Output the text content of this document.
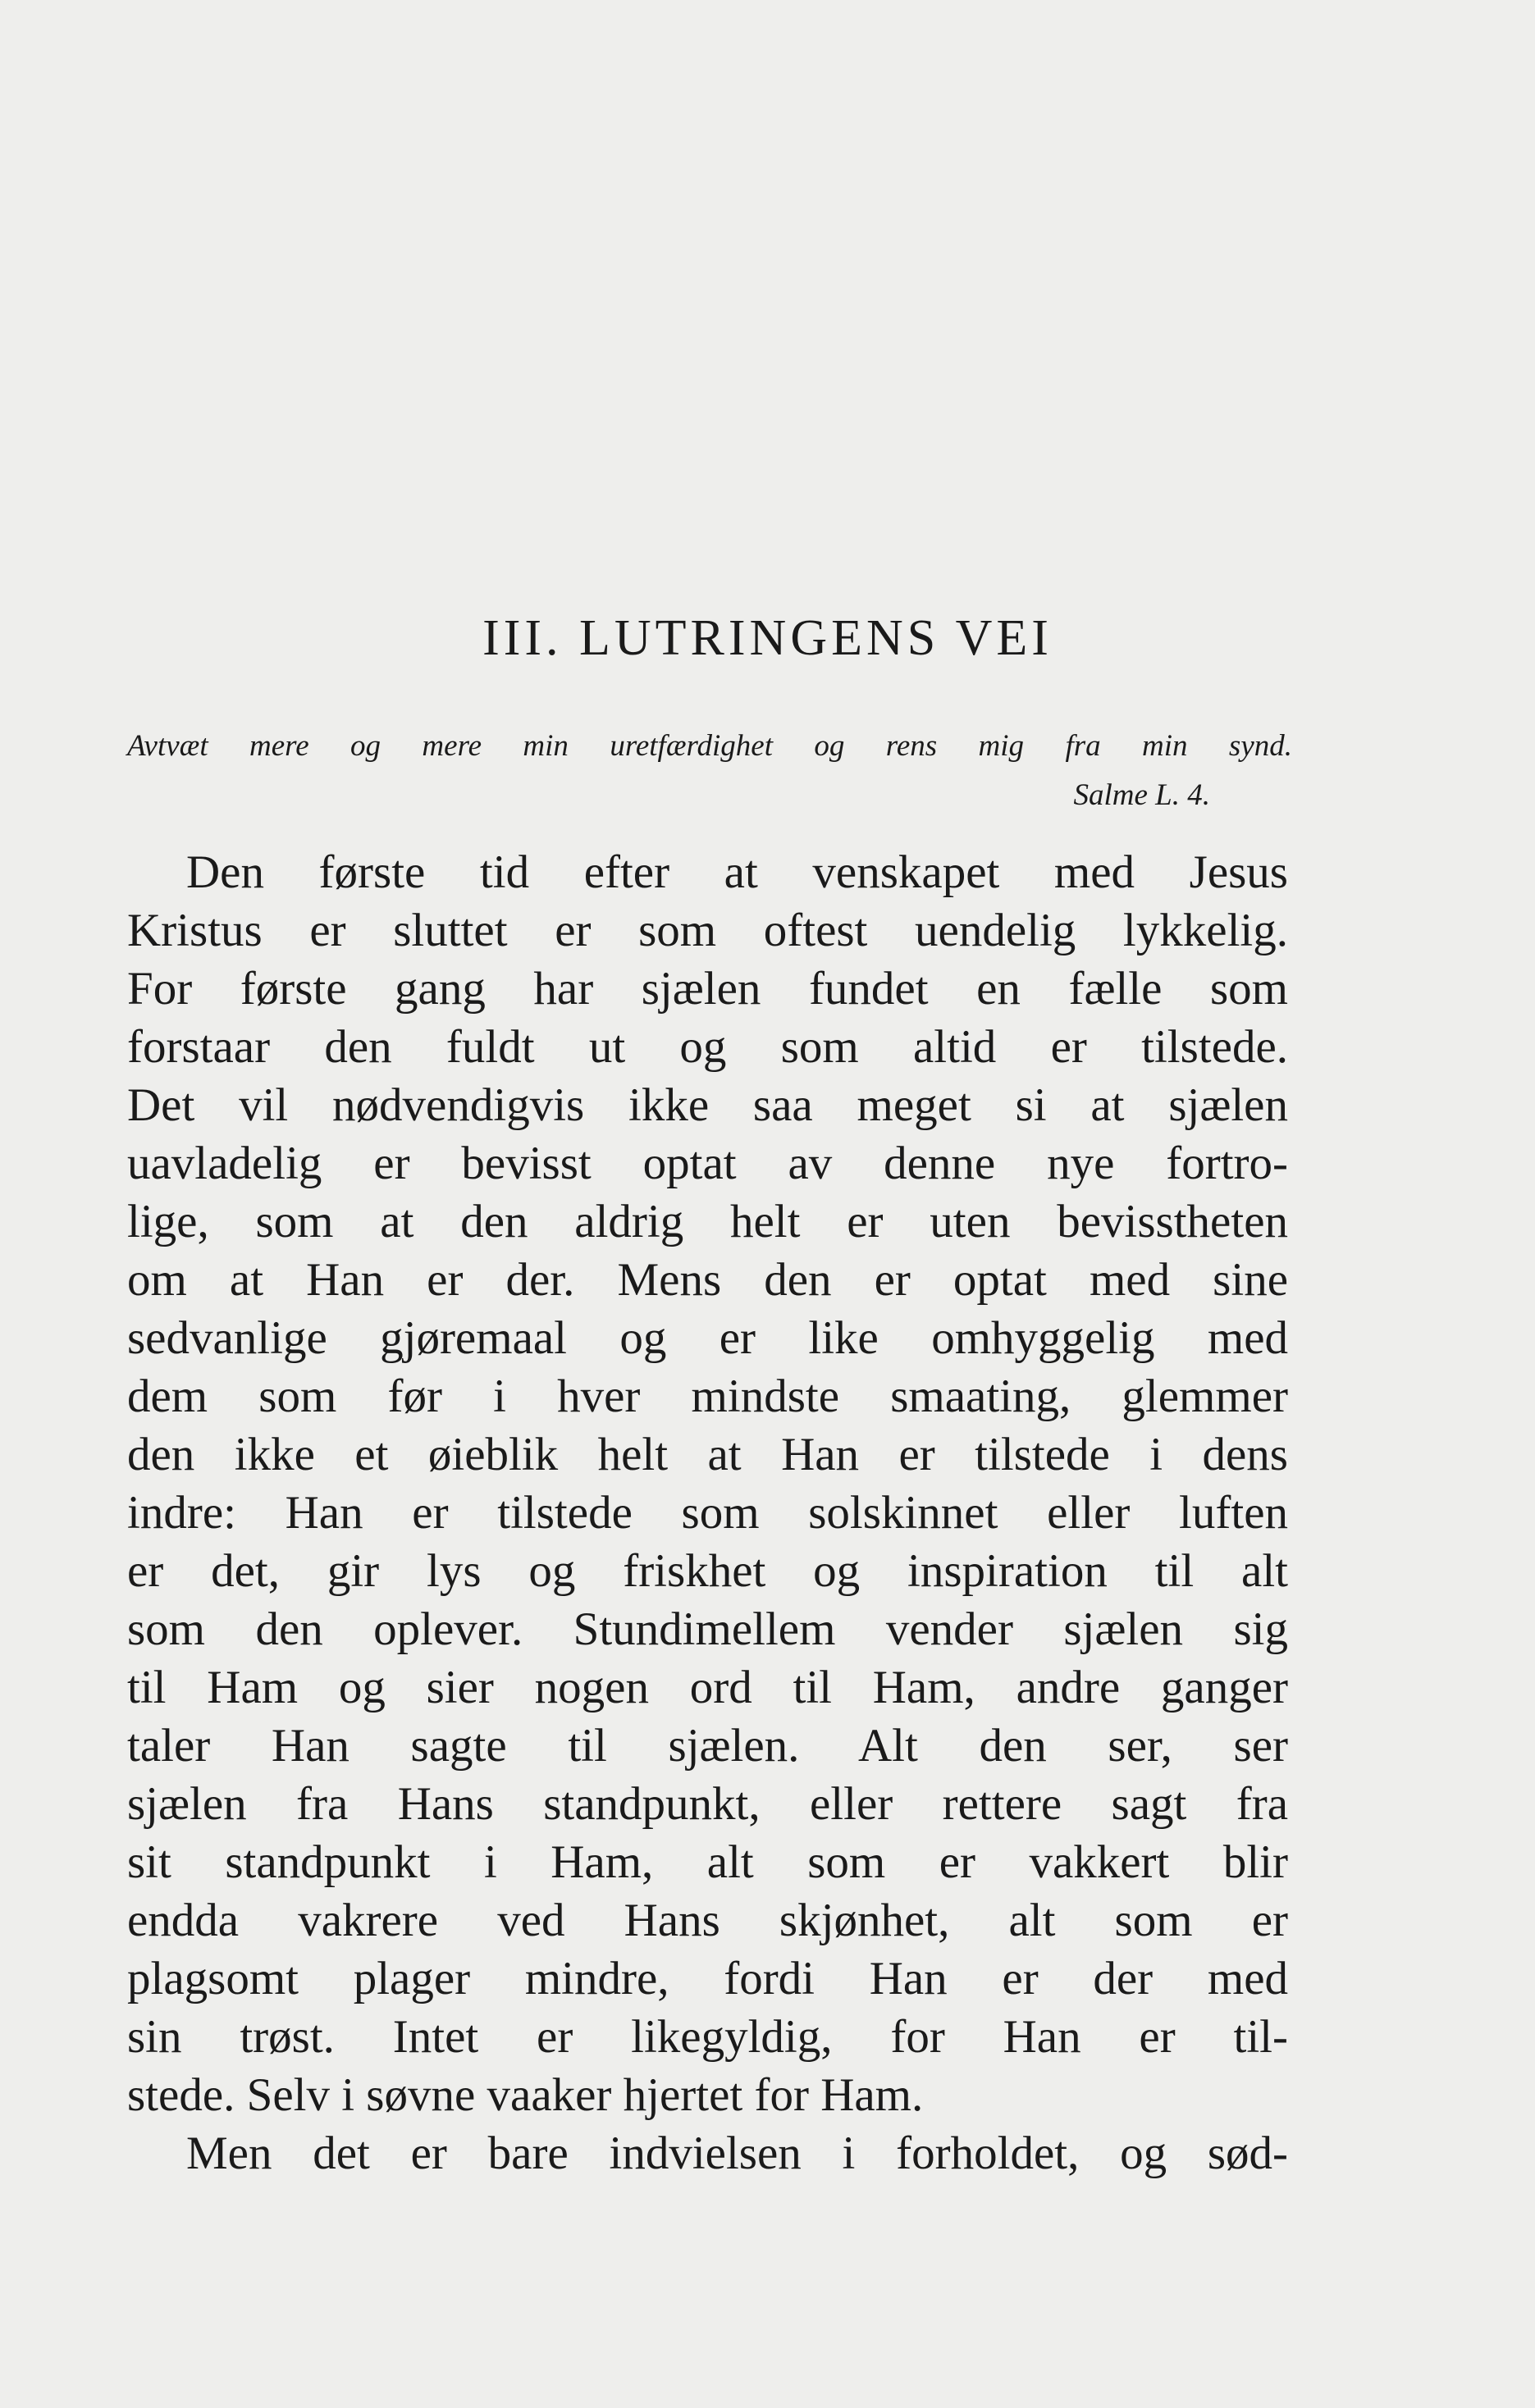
III. LUTRINGENS VEI
Avtvæt mere og mere min uretfærdighet og rens mig fra min synd.
Salme L. 4.
Den første tid efter at venskapet med Jesus
Kristus er sluttet er som oftest uendelig lykkelig.
For første gang har sjælen fundet en fælle som
forstaar den fuldt ut og som altid er tilstede.
Det vil nødvendigvis ikke saa meget si at sjælen
uavladelig er bevisst optat av denne nye fortro-
lige, som at den aldrig helt er uten bevisstheten
om at Han er der. Mens den er optat med sine
sedvanlige gjøremaal og er like omhyggelig med
dem som før i hver mindste smaating, glemmer
den ikke et øieblik helt at Han er tilstede i dens
indre: Han er tilstede som solskinnet eller luften
er det, gir lys og friskhet og inspiration til alt
som den oplever. Stundimellem vender sjælen sig
til Ham og sier nogen ord til Ham, andre ganger
taler Han sagte til sjælen. Alt den ser, ser
sjælen fra Hans standpunkt, eller rettere sagt fra
sit standpunkt i Ham, alt som er vakkert blir
endda vakrere ved Hans skjønhet, alt som er
plagsomt plager mindre, fordi Han er der med
sin trøst. Intet er likegyldig, for Han er til-
stede. Selv i søvne vaaker hjertet for Ham.
Men det er bare indvielsen i forholdet, og sød-
